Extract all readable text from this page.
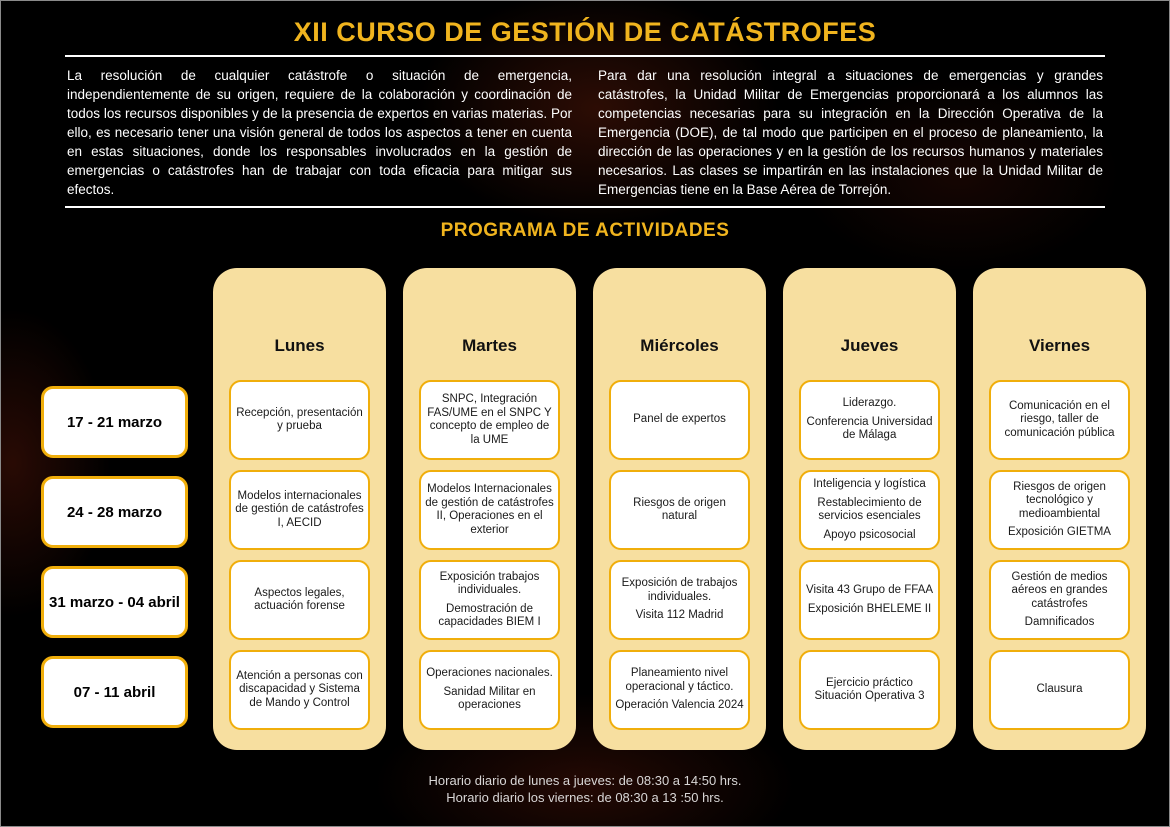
XII CURSO DE GESTIÓN DE CATÁSTROFES

La resolución de cualquier catástrofe o situación de emergencia, independientemente de su origen, requiere de la colaboración y coordinación de todos los recursos disponibles y de la presencia de expertos en varias materias. Por ello, es necesario tener una visión general de todos los aspectos a tener en cuenta en estas situaciones, donde los responsables involucrados en la gestión de emergencias o catástrofes han de trabajar con toda eficacia para mitigar sus efectos.

Para dar una resolución integral a situaciones de emergencias y grandes catástrofes, la Unidad Militar de Emergencias proporcionará a los alumnos las competencias necesarias para su integración en la Dirección Operativa de la Emergencia (DOE), de tal modo que participen en el proceso de planeamiento, la dirección de las operaciones y en la gestión de los recursos humanos y materiales necesarios. Las clases se impartirán en las instalaciones que la Unidad Militar de Emergencias tiene en la Base Aérea de Torrejón.

PROGRAMA DE ACTIVIDADES
17 - 21 marzo
24 - 28 marzo
31 marzo - 04 abril
07 - 11 abril
Lunes

Recepción, presentación y prueba

Modelos internacionales de gestión de catástrofes I, AECID

Aspectos legales, actuación forense

Atención a personas con discapacidad y Sistema de Mando y Control

Martes

SNPC, Integración FAS/UME en el SNPC Y concepto de empleo de la UME

Modelos Internacionales de gestión de catástrofes II, Operaciones en el exterior

Exposición trabajos individuales.

Demostración de capacidades BIEM I

Operaciones nacionales.

Sanidad Militar en operaciones

Miércoles

Panel de expertos

Riesgos de origen natural

Exposición de trabajos individuales.

Visita 112 Madrid

Planeamiento nivel operacional y táctico.

Operación Valencia 2024

Jueves

Liderazgo.

Conferencia Universidad de Málaga

Inteligencia y logística

Restablecimiento de servicios esenciales

Apoyo psicosocial

Visita 43 Grupo de FFAA

Exposición BHELEME II

Ejercicio práctico Situación Operativa 3

Viernes

Comunicación en el riesgo, taller de comunicación pública

Riesgos de origen tecnológico y medioambiental

Exposición GIETMA

Gestión de medios aéreos en grandes catástrofes

Damnificados

Clausura

Horario diario de lunes a jueves: de 08:30 a 14:50 hrs.
Horario diario los viernes: de 08:30 a 13 :50 hrs.
